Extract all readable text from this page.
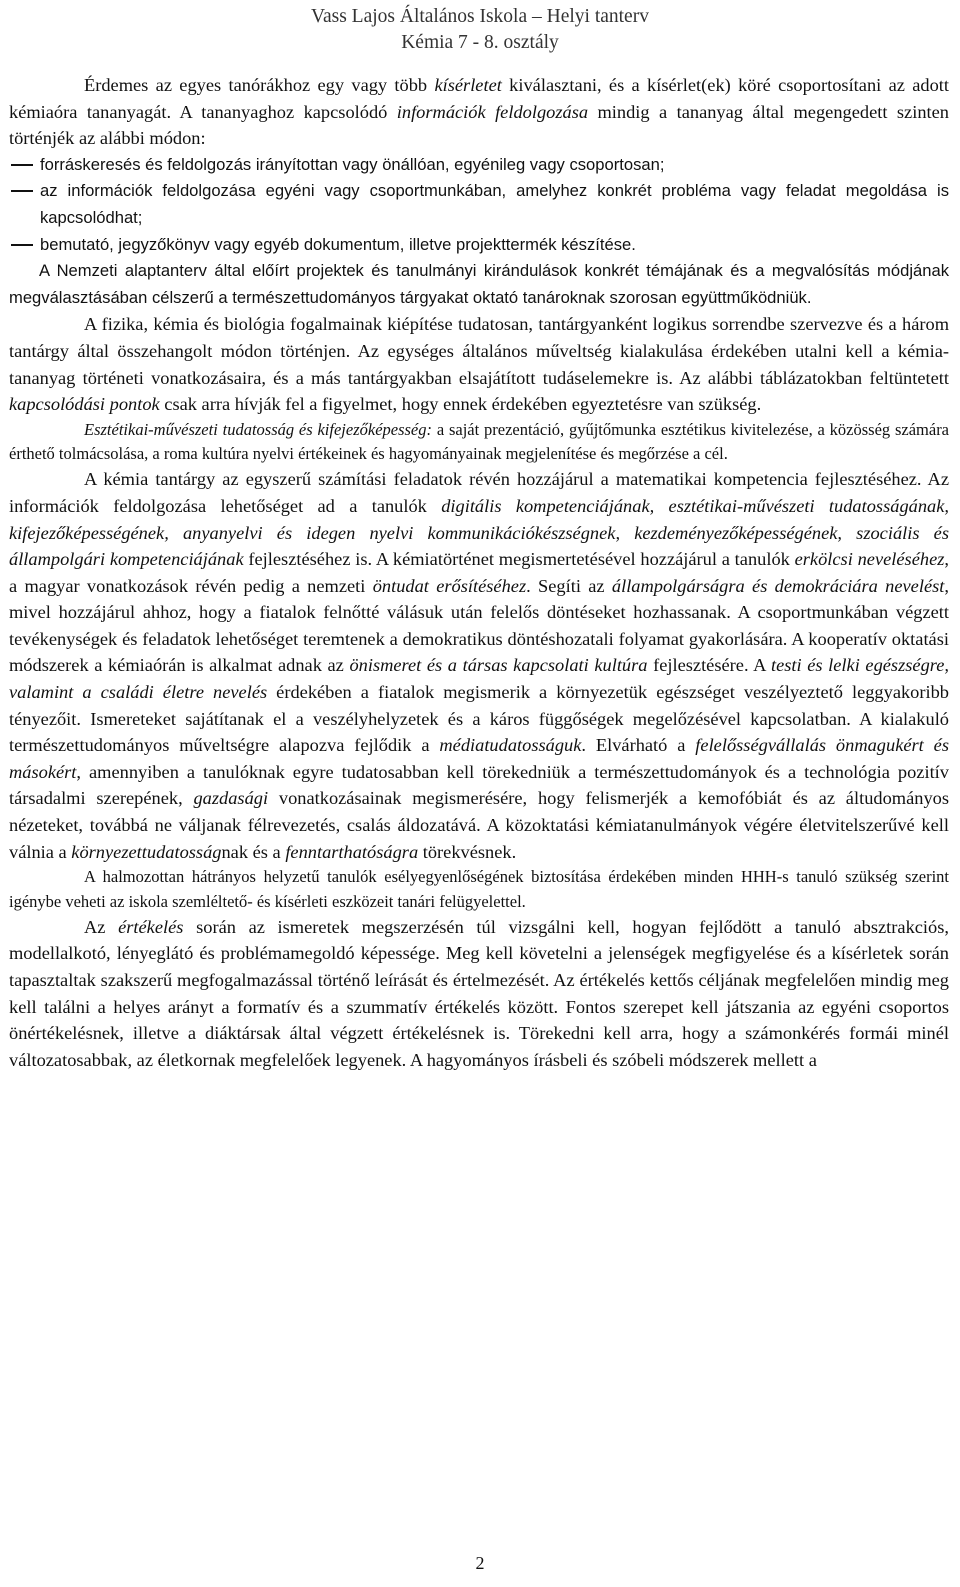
Vass Lajos Általános Iskola – Helyi tanterv
Kémia 7 - 8. osztály

Érdemes az egyes tanórákhoz egy vagy több kísérletet kiválasztani, és a kísérlet(ek) köré csoportosítani az adott kémiaóra tananyagát. A tananyaghoz kapcsolódó információk feldolgozása mindig a tananyag által megengedett szinten történjék az alábbi módon:

forráskeresés és feldolgozás irányítottan vagy önállóan, egyénileg vagy csoportosan;

az információk feldolgozása egyéni vagy csoportmunkában, amelyhez konkrét probléma vagy feladat megoldása is kapcsolódhat;

bemutató, jegyzőkönyv vagy egyéb dokumentum, illetve projekttermék készítése.

A Nemzeti alaptanterv által előírt projektek és tanulmányi kirándulások konkrét témájának és a megvalósítás módjának megválasztásában célszerű a természettudományos tárgyakat oktató tanároknak szorosan együttműködniük.

A fizika, kémia és biológia fogalmainak kiépítése tudatosan, tantárgyanként logikus sorrendbe szervezve és a három tantárgy által összehangolt módon történjen. Az egységes általános műveltség kialakulása érdekében utalni kell a kémia-tananyag történeti vonatkozásaira, és a más tantárgyakban elsajátított tudáselemekre is. Az alábbi táblázatokban feltüntetett kapcsolódási pontok csak arra hívják fel a figyelmet, hogy ennek érdekében egyeztetésre van szükség.

Esztétikai-művészeti tudatosság és kifejezőképesség: a saját prezentáció, gyűjtőmunka esztétikus kivitelezése, a közösség számára érthető tolmácsolása, a roma kultúra nyelvi értékeinek és hagyományainak megjelenítése és megőrzése a cél.

A kémia tantárgy az egyszerű számítási feladatok révén hozzájárul a matematikai kompetencia fejlesztéséhez. Az információk feldolgozása lehetőséget ad a tanulók digitális kompetenciájának, esztétikai-művészeti tudatosságának, kifejezőképességének, anyanyelvi és idegen nyelvi kommunikációkészségnek, kezdeményezőképességének, szociális és állampolgári kompetenciájának fejlesztéséhez is. A kémiatörténet megismertetésével hozzájárul a tanulók erkölcsi neveléséhez, a magyar vonatkozások révén pedig a nemzeti öntudat erősítéséhez. Segíti az állampolgárságra és demokráciára nevelést, mivel hozzájárul ahhoz, hogy a fiatalok felnőtté válásuk után felelős döntéseket hozhassanak. A csoportmunkában végzett tevékenységek és feladatok lehetőséget teremtenek a demokratikus döntéshozatali folyamat gyakorlására. A kooperatív oktatási módszerek a kémiaórán is alkalmat adnak az önismeret és a társas kapcsolati kultúra fejlesztésére. A testi és lelki egészségre, valamint a családi életre nevelés érdekében a fiatalok megismerik a környezetük egészséget veszélyeztető leggyakoribb tényezőit. Ismereteket sajátítanak el a veszélyhelyzetek és a káros függőségek megelőzésével kapcsolatban. A kialakuló természettudományos műveltségre alapozva fejlődik a médiatudatosságuk. Elvárható a felelősségvállalás önmagukért és másokért, amennyiben a tanulóknak egyre tudatosabban kell törekedniük a természettudományok és a technológia pozitív társadalmi szerepének, gazdasági vonatkozásainak megismerésére, hogy felismerjék a kemofóbiát és az áltudományos nézeteket, továbbá ne váljanak félrevezetés, csalás áldozatává. A közoktatási kémiatanulmányok végére életvitelszerűvé kell válnia a környezettudatosságnak és a fenntarthatóságra törekvésnek.

A halmozottan hátrányos helyzetű tanulók esélyegyenlőségének biztosítása érdekében minden HHH-s tanuló szükség szerint igénybe veheti az iskola szemléltető- és kísérleti eszközeit tanári felügyelettel.

Az értékelés során az ismeretek megszerzésén túl vizsgálni kell, hogyan fejlődött a tanuló absztrakciós, modellalkotó, lényeglátó és problémamegoldó képessége. Meg kell követelni a jelenségek megfigyelése és a kísérletek során tapasztaltak szakszerű megfogalmazással történő leírását és értelmezését. Az értékelés kettős céljának megfelelően mindig meg kell találni a helyes arányt a formatív és a szummatív értékelés között. Fontos szerepet kell játszania az egyéni csoportos önértékelésnek, illetve a diáktársak által végzett értékelésnek is. Törekedni kell arra, hogy a számonkérés formái minél változatosabbak, az életkornak megfelelőek legyenek. A hagyományos írásbeli és szóbeli módszerek mellett a

2
